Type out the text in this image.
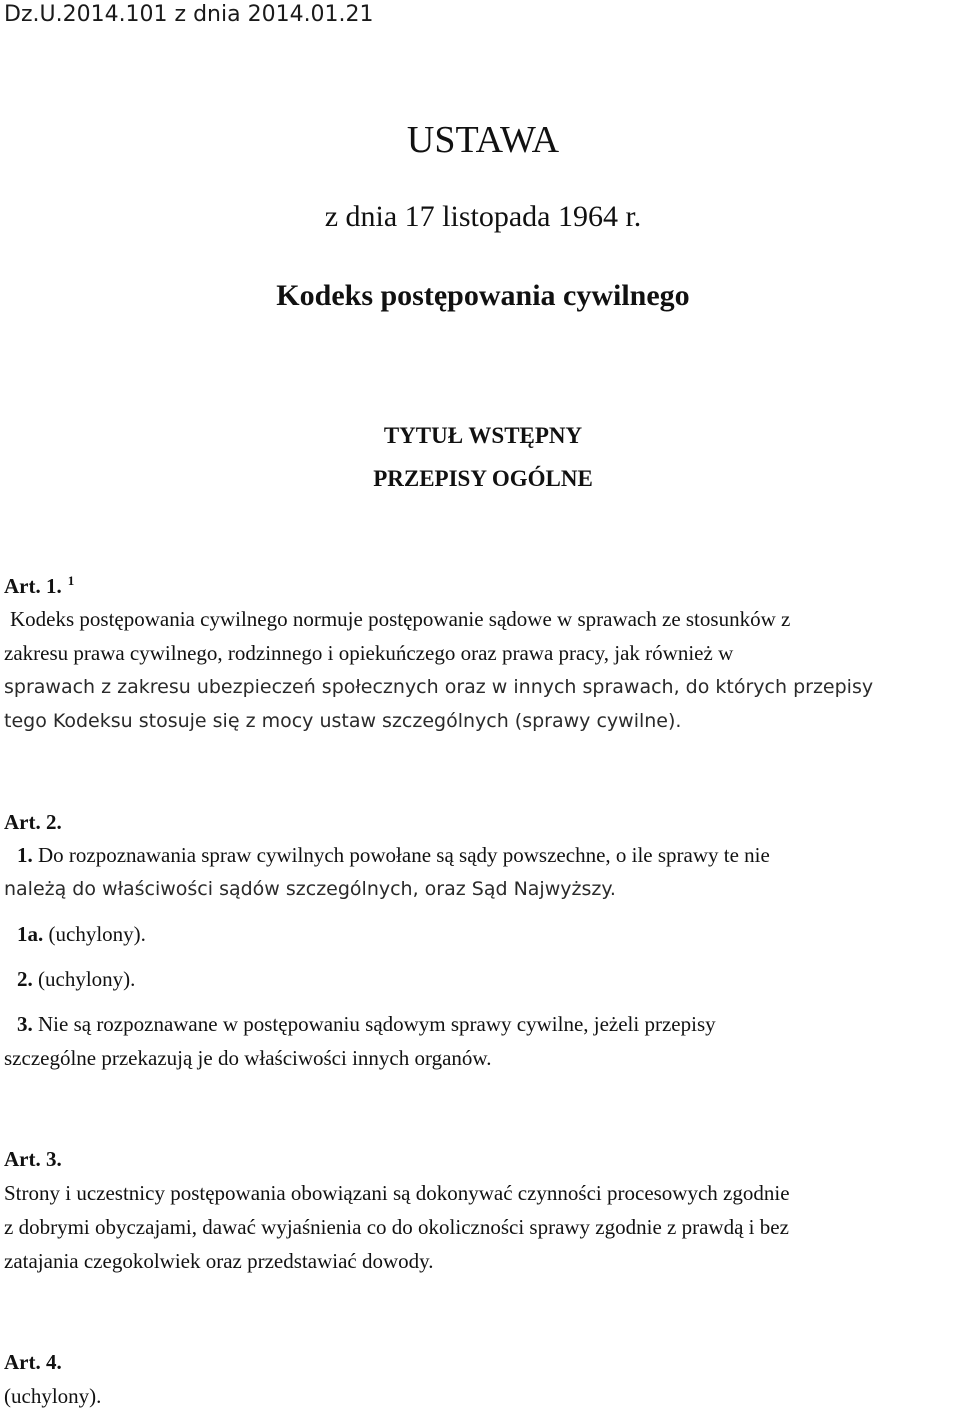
Dz.U.2014.101 z dnia 2014.01.21
USTAWA
z dnia 17 listopada 1964 r.
Kodeks postępowania cywilnego
TYTUŁ WSTĘPNY
PRZEPISY OGÓLNE
Art. 1. $^1$
Kodeks postępowania cywilnego normuje postępowanie sądowe w sprawach ze stosunków z
zakresu prawa cywilnego, rodzinnego i opiekuńczego oraz prawa pracy, jak również w
sprawach z zakresu ubezpieczeń społecznych oraz w innych sprawach, do których przepisy
tego Kodeksu stosuje się z mocy ustaw szczególnych (sprawy cywilne).
Art. 2.
1. Do rozpoznawania spraw cywilnych powołane są sądy powszechne, o ile sprawy te nie
należą do właściwości sądów szczególnych, oraz Sąd Najwyższy.
1a. (uchylony).
2. (uchylony).
3. Nie są rozpoznawane w postępowaniu sądowym sprawy cywilne, jeżeli przepisy
szczególne przekazują je do właściwości innych organów.
Art. 3.
Strony i uczestnicy postępowania obowiązani są dokonywać czynności procesowych zgodnie
z dobrymi obyczajami, dawać wyjaśnienia co do okoliczności sprawy zgodnie z prawdą i bez
zatajania czegokolwiek oraz przedstawiać dowody.
Art. 4.
(uchylony).
